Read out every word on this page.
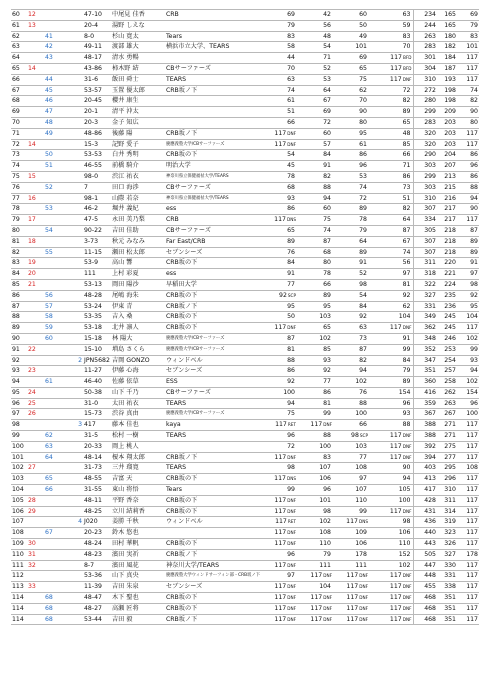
60	12			47-10	中尾見 佳香	CRB	69	42	60	63	234	165	69
61	13			20-4	湯野 しえな		79	56	50	59	244	165	79
62		41		8-0	杉山 寛太	Tears	83	48	49	83	263	180	83
63		42		49-11	渡部 雄大	横浜市立大学、TEARS	58	54	101	70	283	182	101
64		43		48-17	清水 勇暢		44	71	69	117BFD	301	184	117
65	14			43-86	柿木野 結	CBサーファーズ	70	52	65	117BFD	304	187	117
66		44		31-6	飯田 舜士	TEARS	63	53	75	117DNF	310	193	117
67		45		53-57	玉置 優太郎	CRB坂ノ下	74	64	62	72	272	198	74
68		46		20-45	櫻井 康生		61	67	70	82	280	198	82
69		47		20-1	清平 沖太		51	69	90	89	299	209	90
70		48		20-3	金子 知広		66	72	80	65	283	203	80
71		49		48-86	後藤 陽	CRB坂ノ下	117DNF	60	95	48	320	203	117
72	14			15-3	記野 愛子	慶應義塾大学/CBサーファーズ	117DNF	57	61	85	320	203	117
73		50		53-53	白井 秀明	CRB坂の下	54	84	86	66	290	204	86
74		51		46-55	前橋 騎介	明治大学	45	91	96	71	303	207	96
75	15			98-0	渋江 祐衣	神奈川県立保健福祉大学/TEARS	78	82	53	86	299	213	86
76		52		7	田口 海渉	CBサーファーズ	68	88	74	73	303	215	88
77	16			98-1	山際 若奈	神奈川県立保健福祉大学/TEARS	93	94	72	51	310	216	94
78		53		46-2	堀井 義紀	ess	86	60	89	82	307	217	90
79	17			47-5	永田 美乃梨	CRB	117DNS	75	78	64	334	217	117
80		54		90-22	吉田 佳助	CBサーファーズ	65	74	79	87	305	218	87
81	18			3-73	秋元 みなみ	Far East/CRB	89	87	64	67	307	218	89
82		55		11-15	瀬田 松太郎	セブンシーズ	76	68	89	74	307	218	89
83	19			53-9	高山 響	CRB坂の下	84	80	91	56	311	220	91
84	20			111	上村 彩夏	ess	91	78	52	97	318	221	97
85	21			53-13	岡田 陽沙	早稲田大学	77	66	98	81	322	224	98
86		56		48-28	尾嶋 海朱	CRB坂の下	92SCP	89	54	92	327	235	92
87		57		53-24	伊東 青	CRB坂ノ下	95	95	84	62	331	236	95
88		58		53-35	吉入 桑	CRB坂の下	50	103	92	104	349	245	104
89		59		53-18	北井 凛人	CRB坂の下	117DNF	65	63	117DNF	362	245	117
90		60		15-18	林 陽大	慶應義塾大学/CBサーファーズ	87	102	73	91	348	246	102
91	22			15-10	増島 さくら	慶應義塾大学/CBサーファーズ	81	85	87	99	352	253	99
92			2	JPN5682	吉岡 GONZO	ウィンドベル	88	93	82	84	347	254	93
93	23			11-27	伊藤 心海	セブンシーズ	86	92	94	79	351	257	94
94		61		46-40	佐藤 依草	ESS	92	77	102	89	360	258	102
95	24			50-38	山下 千乃	CBサーファーズ	100	86	76	154	416	262	154
96	25			31-0	太田 祐衣	TEARS	94	81	88	96	359	263	96
97	26			15-73	渋谷 真由	慶應義塾大学/CBサーファーズ	75	99	100	93	367	267	100
98			3	417	藤本 佳也	kaya	117RET	117DNF	66	88	388	271	117
99		62		31-5	松村 一樹	TEARS	96	88	98SCP	117DNF	388	271	117
100		63		20-33	岡上 桃人		72	100	103	117DNF	392	275	117
101		64		48-14	榎本 翔太郎	CRB坂ノ下	117DNF	83	77	117DNF	394	277	117
102	27			31-73	三井 瑠寛	TEARS	98	107	108	90	403	295	108
103		65		48-55	吉富 天	CRB坂の下	117DNS	106	97	94	413	296	117
104		66		31-55	東山 将悟	Tears	99	96	107	105	417	310	117
105	28			48-11	平野 香奈	CRB坂の下	117DNF	101	110	100	428	311	117
106	29			48-25	立川 結莉香	CRB坂の下	117DNF	98	99	117DNF	431	314	117
107			4	J020	姜勝 千秋	ウィンドベル	117RET	102	117DNS	98	436	319	117
108		67		20-23	鈴木 悠也		117DNF	108	109	106	440	323	117
109	30			48-24	田村 華帆	CRB坂の下	117DNF	110	106	110	443	326	117
110	31			48-23	濱田 実祈	CRB坂ノ下	96	79	178	152	505	327	178
111	32			8-7	濱田 風花	神奈川大学/TEARS	117DNF	111	111	102	447	330	117
112				53-36	山下 真央	慶應義塾大学ウィンドサーフィン部・CRB坂ノ下	97	117DNF	117DNF	117DNF	448	331	117
113	33			11-39	吉田 朱泉	セブンシーズ	117DNF	104	117DNF	117DNF	455	338	117
114		68		48-47	木下 聖也	CRB坂の下	117DNF	117DNF	117DNF	117DNF	468	351	117
114		68		48-27	高瀬 匠将	CRB坂の下	117DNF	117DNF	117DNF	117DNF	468	351	117
114		68		53-44	吉田 毅	CRB坂ノ下	117DNF	117DNF	117DNF	117DNF	468	351	117
